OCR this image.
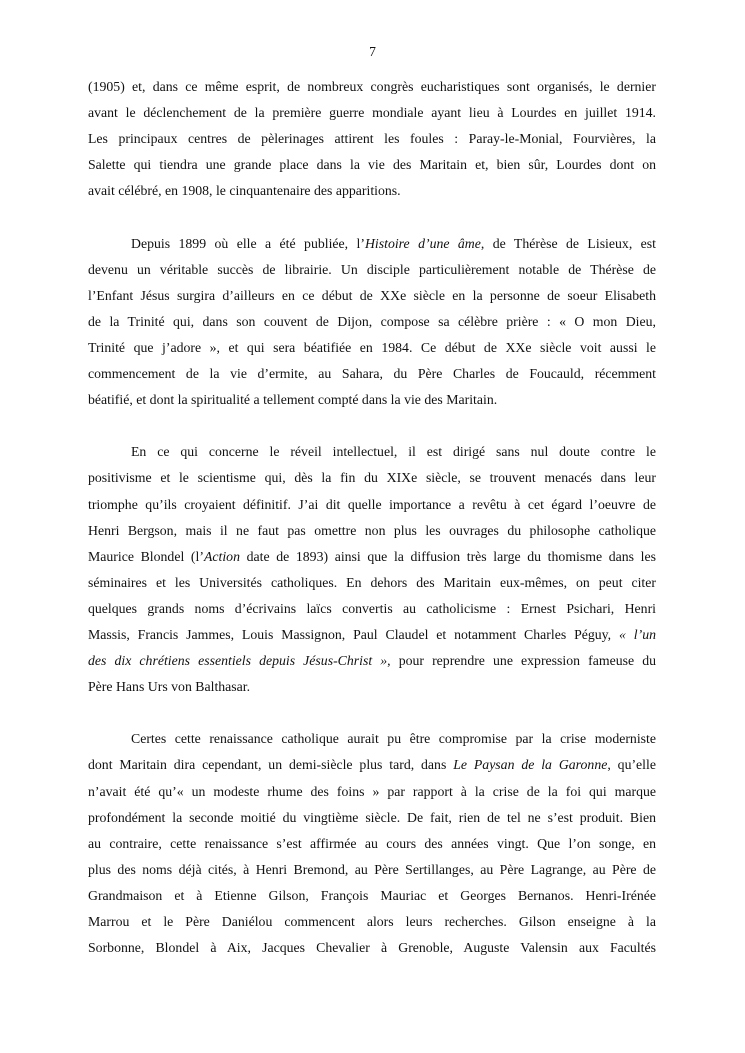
7
(1905) et, dans ce même esprit, de nombreux congrès eucharistiques sont organisés, le dernier
avant le déclenchement de la première guerre mondiale ayant lieu à Lourdes en juillet 1914.
Les principaux centres de pèlerinages attirent les foules : Paray-le-Monial, Fourvières, la
Salette qui tiendra une grande place dans la vie des Maritain et, bien sûr, Lourdes dont on
avait célébré, en 1908, le cinquantenaire des apparitions.
Depuis 1899 où elle a été publiée, l’Histoire d’une âme, de Thérèse de Lisieux, est
devenu un véritable succès de librairie. Un disciple particulièrement notable de Thérèse de
l’Enfant Jésus surgira d’ailleurs en ce début de XXe siècle en la personne de soeur Elisabeth
de la Trinité qui, dans son couvent de Dijon, compose sa célèbre prière : « O mon Dieu,
Trinité que j’adore », et qui sera béatifiée en 1984. Ce début de XXe siècle voit aussi le
commencement de la vie d’ermite, au Sahara, du Père Charles de Foucauld, récemment
béatifié, et dont la spiritualité a tellement compté dans la vie des Maritain.
En ce qui concerne le réveil intellectuel, il est dirigé sans nul doute contre le
positivisme et le scientisme qui, dès la fin du XIXe siècle, se trouvent menacés dans leur
triomphe qu’ils croyaient définitif. J’ai dit quelle importance a revêtu à cet égard l’oeuvre de
Henri Bergson, mais il ne faut pas omettre non plus les ouvrages du philosophe catholique
Maurice Blondel (l’Action date de 1893) ainsi que la diffusion très large du thomisme dans les
séminaires et les Universités catholiques. En dehors des Maritain eux-mêmes, on peut citer
quelques grands noms d’écrivains laïcs convertis au catholicisme : Ernest Psichari, Henri
Massis, Francis Jammes, Louis Massignon, Paul Claudel et notamment Charles Péguy, « l’un
des dix chrétiens essentiels depuis Jésus-Christ », pour reprendre une expression fameuse du
Père Hans Urs von Balthasar.
Certes cette renaissance catholique aurait pu être compromise par la crise moderniste
dont Maritain dira cependant, un demi-siècle plus tard, dans Le Paysan de la Garonne, qu’elle
n’avait été qu’« un modeste rhume des foins » par rapport à la crise de la foi qui marque
profondément la seconde moitié du vingtième siècle. De fait, rien de tel ne s’est produit. Bien
au contraire, cette renaissance s’est affirmée au cours des années vingt. Que l’on songe, en
plus des noms déjà cités, à Henri Bremond, au Père Sertillanges, au Père Lagrange, au Père de
Grandmaison et à Etienne Gilson, François Mauriac et Georges Bernanos. Henri-Irénée
Marrou et le Père Daniélou commencent alors leurs recherches. Gilson enseigne à la
Sorbonne, Blondel à Aix, Jacques Chevalier à Grenoble, Auguste Valensin aux Facultés
